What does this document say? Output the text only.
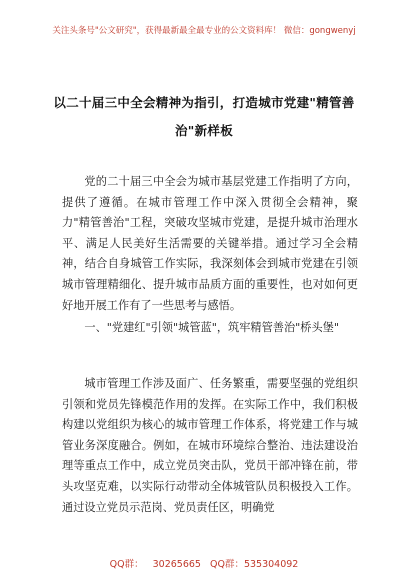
关注头条号"公文研究"，获得最新最全最专业的公文资料库！ 微信：gongwenyj
以二十届三中全会精神为指引，打造城市党建"精管善
治"新样板

党的二十届三中全会为城市基层党建工作指明了方向，提供了遵循。在城市管理工作中深入贯彻全会精神，聚力"精管善治"工程，突破攻坚城市党建，是提升城市治理水平、满足人民美好生活需要的关键举措。通过学习全会精神，结合自身城管工作实际，我深刻体会到城市党建在引领城市管理精细化、提升城市品质方面的重要性，也对如何更好地开展工作有了一些思考与感悟。

一、"党建红"引领"城管蓝"，筑牢精管善治"桥头堡"

城市管理工作涉及面广、任务繁重，需要坚强的党组织引领和党员先锋模范作用的发挥。在实际工作中，我们积极构建以党组织为核心的城市管理工作体系，将党建工作与城管业务深度融合。例如，在城市环境综合整治、违法建设治理等重点工作中，成立党员突击队，党员干部冲锋在前，带头攻坚克难，以实际行动带动全体城管队员积极投入工作。通过设立党员示范岗、党员责任区，明确党

QQ群： 30265665 QQ群：535304092
